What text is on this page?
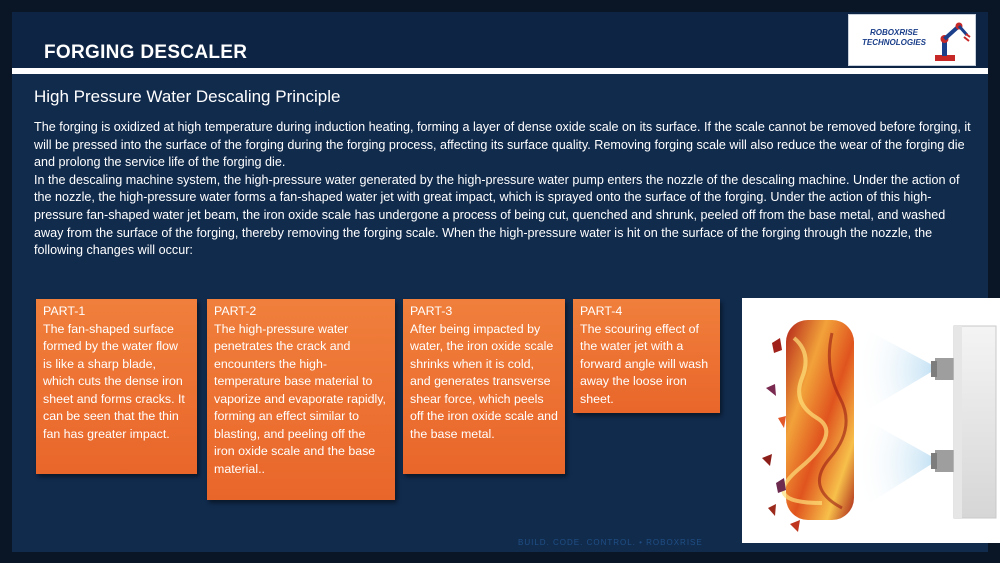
FORGING DESCALER
ROBOXRISE TECHNOLOGIES
High Pressure Water Descaling Principle

The forging is oxidized at high temperature during induction heating, forming a layer of dense oxide scale on its surface. If the scale cannot be removed before forging, it will be pressed into the surface of the forging during the forging process, affecting its surface quality. Removing forging scale will also reduce the wear of the forging die and prolong the service life of the forging die.

In the descaling machine system, the high-pressure water generated by the high-pressure water pump enters the nozzle of the descaling machine. Under the action of the nozzle, the high-pressure water forms a fan-shaped water jet with great impact, which is sprayed onto the surface of the forging. Under the action of this high-pressure fan-shaped water jet beam, the iron oxide scale has undergone a process of being cut, quenched and shrunk, peeled off from the base metal, and washed away from the surface of the forging, thereby removing the forging scale. When the high-pressure water is hit on the surface of the forging through the nozzle, the following changes will occur:

PART-1
The fan-shaped surface formed by the water flow is like a sharp blade, which cuts the dense iron sheet and forms cracks. It can be seen that the thin fan has greater impact.
PART-2
The high-pressure water penetrates the crack and encounters the high-temperature base material to vaporize and evaporate rapidly, forming an effect similar to blasting, and peeling off the iron oxide scale and the base material..
PART-3
After being impacted by water, the iron oxide scale shrinks when it is cold, and generates transverse shear force, which peels off the iron oxide scale and the base metal.
PART-4
The scouring effect of the water jet with a forward angle will wash away the loose iron sheet.
BUILD. CODE. CONTROL. • ROBOXRISE
